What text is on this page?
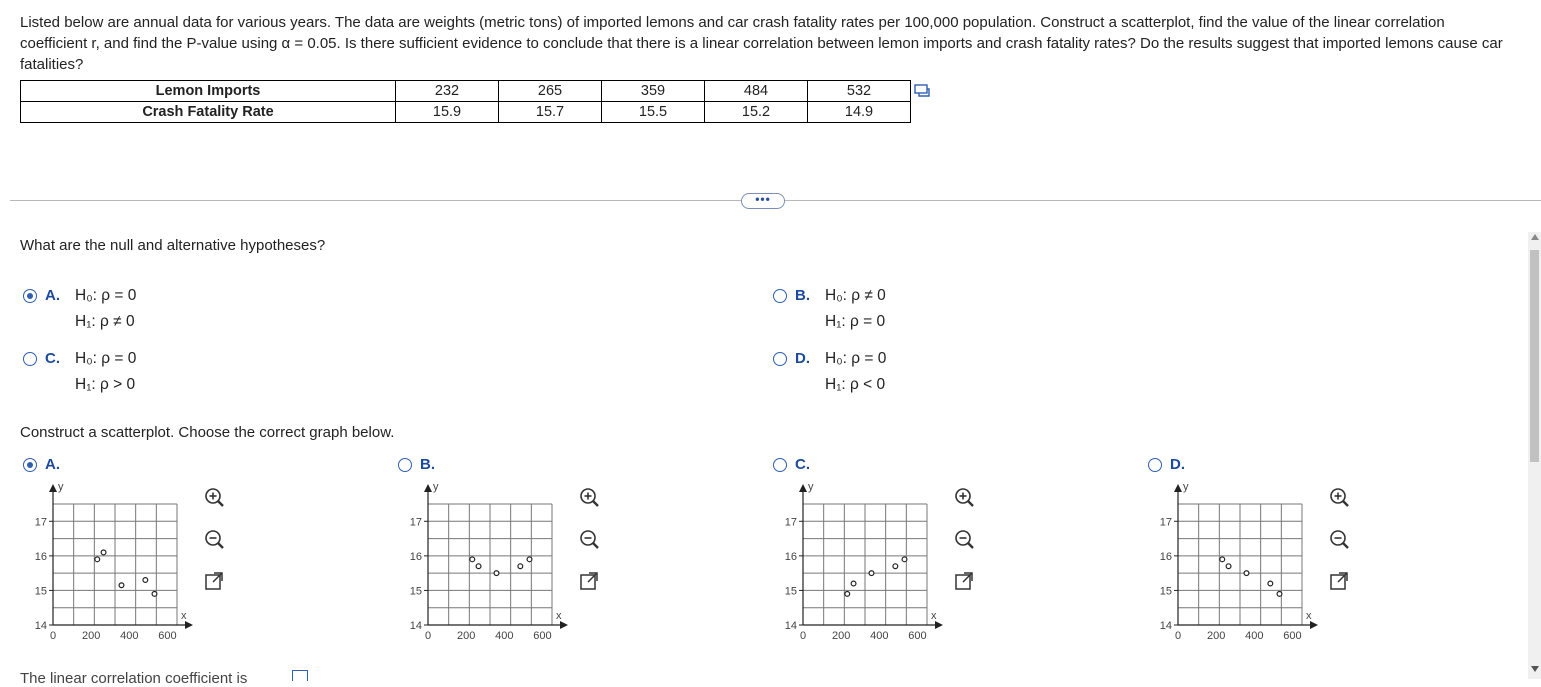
Listed below are annual data for various years. The data are weights (metric tons) of imported lemons and car crash fatality rates per 100,000 population. Construct a scatterplot, find the value of the linear correlation coefficient r, and find the P-value using α = 0.05. Is there sufficient evidence to conclude that there is a linear correlation between lemon imports and crash fatality rates? Do the results suggest that imported lemons cause car fatalities?
Lemon Imports	232	265	359	484	532
Crash Fatality Rate	15.9	15.7	15.5	15.2	14.9
•••
What are the null and alternative hypotheses?
A. H₀: ρ = 0
H₁: ρ ≠ 0
B. H₀: ρ ≠ 0
H₁: ρ = 0
C. H₀: ρ = 0
H₁: ρ > 0
D. H₀: ρ = 0
H₁: ρ < 0
Construct a scatterplot. Choose the correct graph below.
A.	B.	C.	D.
14
15
16
17
0 200 400 600
y
x
14
15
16
17
0 200 400 600
y
x
14
15
16
17
0 200 400 600
y
x
14
15
16
17
0 200 400 600
y
x
The linear correlation coefficient is
